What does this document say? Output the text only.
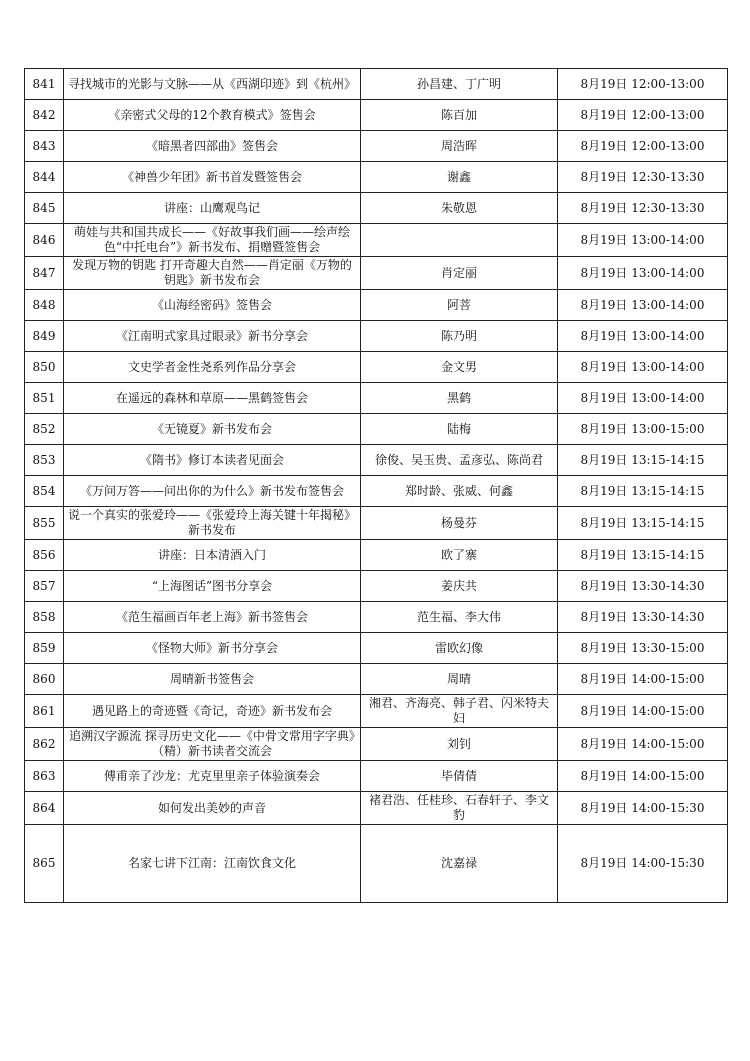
841	寻找城市的光影与文脉——从《西湖印迹》到《杭州》	孙昌建、丁广明	8月19日 12:00-13:00
842	《亲密式父母的12个教育模式》签售会	陈百加	8月19日 12:00-13:00
843	《暗黑者四部曲》签售会	周浩晖	8月19日 12:00-13:00
844	《神兽少年团》新书首发暨签售会	谢鑫	8月19日 12:30-13:30
845	讲座：山鹰观鸟记	朱敬恩	8月19日 12:30-13:30
846	萌娃与共和国共成长——《好故事我们画——绘声绘色“中托电台”》新书发布、捐赠暨签售会		8月19日 13:00-14:00
847	发现万物的钥匙 打开奇趣大自然——肖定丽《万物的钥匙》新书发布会	肖定丽	8月19日 13:00-14:00
848	《山海经密码》签售会	阿菩	8月19日 13:00-14:00
849	《江南明式家具过眼录》新书分享会	陈乃明	8月19日 13:00-14:00
850	文史学者金性尧系列作品分享会	金文男	8月19日 13:00-14:00
851	在遥远的森林和草原——黑鹤签售会	黑鹤	8月19日 13:00-14:00
852	《无镜夏》新书发布会	陆梅	8月19日 13:00-15:00
853	《隋书》修订本读者见面会	徐俊、吴玉贵、孟彦弘、陈尚君	8月19日 13:15-14:15
854	《万问万答——问出你的为什么》新书发布签售会	郑时龄、张威、何鑫	8月19日 13:15-14:15
855	说一个真实的张爱玲——《张爱玲上海关键十年揭秘》新书发布	杨曼芬	8月19日 13:15-14:15
856	讲座：日本清酒入门	欧了寨	8月19日 13:15-14:15
857	“上海图话”图书分享会	姜庆共	8月19日 13:30-14:30
858	《范生福画百年老上海》新书签售会	范生福、李大伟	8月19日 13:30-14:30
859	《怪物大师》新书分享会	雷欧幻像	8月19日 13:30-15:00
860	周晴新书签售会	周晴	8月19日 14:00-15:00
861	遇见路上的奇迹暨《奇记，奇迹》新书发布会	湘君、齐海亮、韩子君、闪米特夫妇	8月19日 14:00-15:00
862	追溯汉字源流 探寻历史文化——《中骨文常用字字典》（精）新书读者交流会	刘钊	8月19日 14:00-15:00
863	傅甫亲了沙龙：尤克里里亲子体验演奏会	毕倩倩	8月19日 14:00-15:00
864	如何发出美妙的声音	褚君浩、任桂珍、石春轩子、李文豹	8月19日 14:00-15:30
865	名家七讲下江南：江南饮食文化	沈嘉禄	8月19日 14:00-15:30
